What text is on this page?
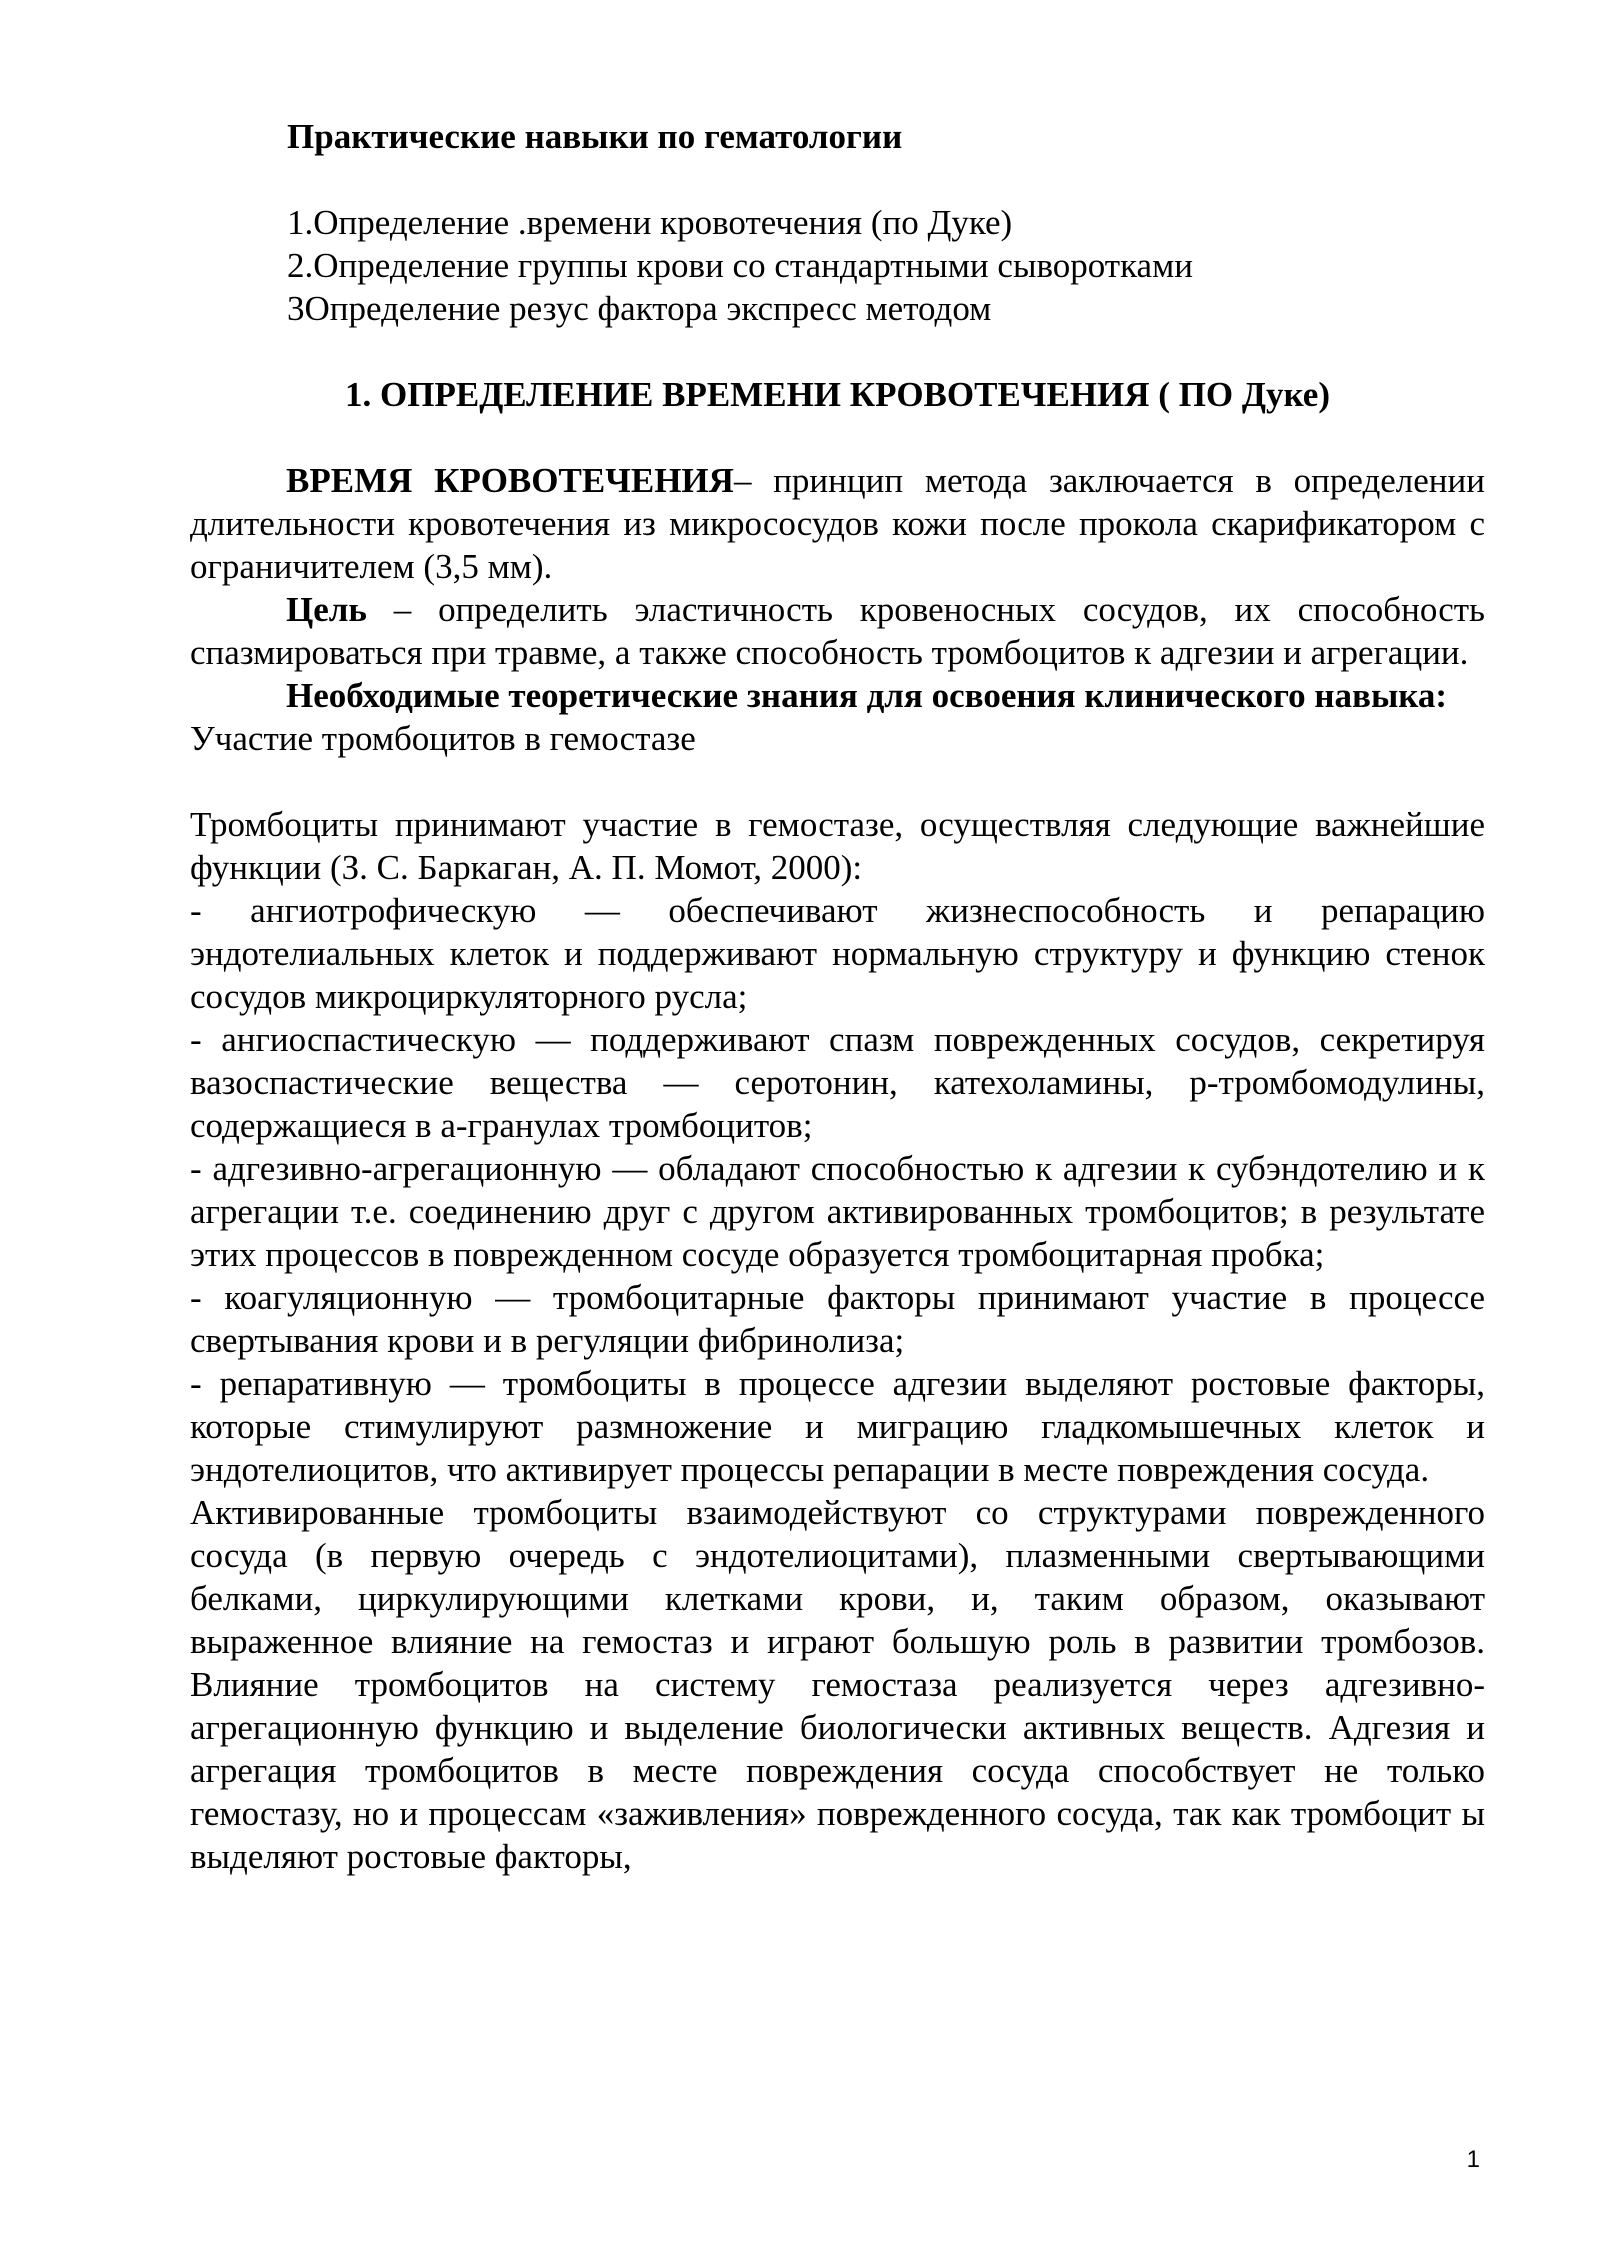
Практические навыки по гематологии
1.Определение .времени кровотечения (по Дуке)
2.Определение группы крови со стандартными сыворотками
3Определение резус фактора экспресс методом
1. ОПРЕДЕЛЕНИЕ ВРЕМЕНИ КРОВОТЕЧЕНИЯ ( ПО Дуке)

ВРЕМЯ КРОВОТЕЧЕНИЯ– принцип метода заключается в определении длительности кровотечения из микрососудов кожи после прокола скарификатором с ограничителем (3,5 мм).

Цель – определить эластичность кровеносных сосудов, их способность спазмироваться при травме, а также способность тромбоцитов к адгезии и агрегации.

Необходимые теоретические знания для освоения клинического навыка:

Участие тромбоцитов в гемостазе

Тромбоциты принимают участие в гемостазе, осуществляя следующие важнейшие функции (З. С. Баркаган, А. П. Момот, 2000):

- ангиотрофическую — обеспечивают жизнеспособность и репарацию эндотелиальных клеток и поддерживают нормальную структуру и функцию стенок сосудов микроциркуляторного русла;

- ангиоспастическую — поддерживают спазм поврежденных сосудов, секретируя вазоспастические вещества — серотонин, катехоламины, р-тромбомодулины, содержащиеся в а-гранулах тромбоцитов;

- адгезивно-агрегационную — обладают способностью к адгезии к субэндотелию и к агрегации т.е. соединению друг с другом активированных тромбоцитов; в результате этих процессов в поврежденном сосуде образуется тромбоцитарная пробка;

- коагуляционную — тромбоцитарные факторы принимают участие в процессе свертывания крови и в регуляции фибринолиза;

- репаративную — тромбоциты в процессе адгезии выделяют ростовые факторы, которые стимулируют размножение и миграцию гладкомышечных клеток и эндотелиоцитов, что активирует процессы репарации в месте повреждения сосуда.

Активированные тромбоциты взаимодействуют со структурами поврежденного сосуда (в первую очередь с эндотелиоцитами), плазменными свертывающими белками, циркулирующими клетками крови, и, таким образом, оказывают выраженное влияние на гемостаз и играют большую роль в развитии тромбозов. Влияние тромбоцитов на систему гемостаза реализуется через адгезивно-агрегационную функцию и выделение биологически активных веществ. Адгезия и агрегация тромбоцитов в месте повреждения сосуда способствует не только гемостазу, но и процессам «заживления» поврежденного сосуда, так как тромбоцит ы выделяют ростовые факторы,

1
